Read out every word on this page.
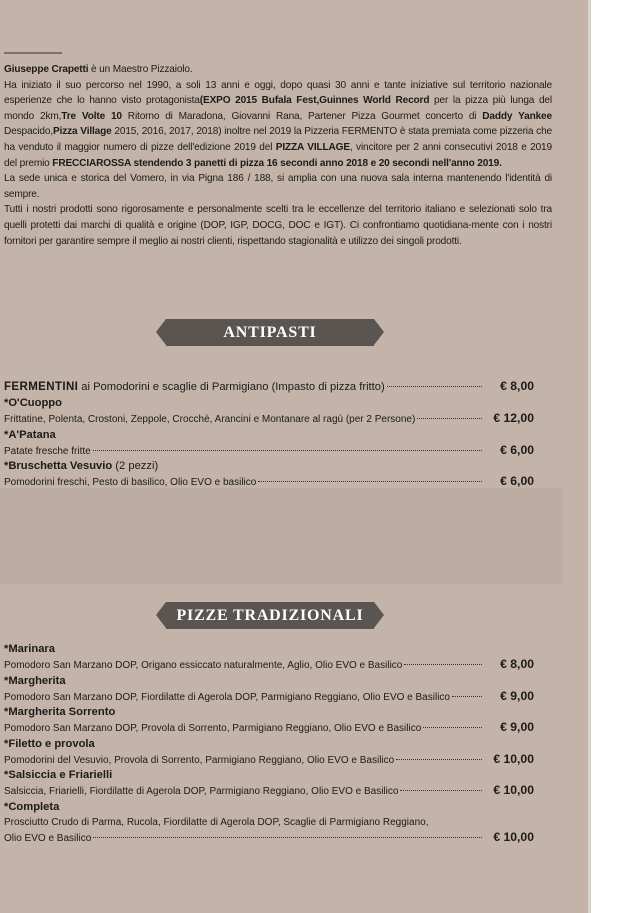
Giuseppe Crapetti è un Maestro Pizzaiolo.

Ha iniziato il suo percorso nel 1990, a soli 13 anni e oggi, dopo quasi 30 anni e tante iniziative sul territorio nazionale esperienze che lo hanno visto protagonista(EXPO 2015 Bufala Fest,Guinnes World Record per la pizza più lunga del mondo 2km,Tre Volte 10 Ritorno di Maradona, Giovanni Rana, Partener Pizza Gourmet concerto di Daddy Yankee Despacido,Pizza Village 2015, 2016, 2017, 2018) inoltre nel 2019 la Pizzeria FERMENTO è stata premiata come pizzeria che ha venduto il maggior numero di pizze dell'edizione 2019 del PIZZA VILLAGE, vincitore per 2 anni consecutivi 2018 e 2019 del premio FRECCIAROSSA stendendo 3 panetti di pizza 16 secondi anno 2018 e 20 secondi nell'anno 2019.

La sede unica e storica del Vomero, in via Pigna 186 / 188, si amplia con una nuova sala interna mantenendo l'identità di sempre.

Tutti i nostri prodotti sono rigorosamente e personalmente scelti tra le eccellenze del territorio italiano e selezionati solo tra quelli protetti dai marchi di qualità e origine (DOP, IGP, DOCG, DOC e IGT). Ci confrontiamo quotidiana-mente con i nostri fornitori per garantire sempre il meglio ai nostri clienti, rispettando stagionalità e utilizzo dei singoli prodotti.

ANTIPASTI
FERMENTINI ai Pomodorini e scaglie di Parmigiano (Impasto di pizza fritto)	€ 8,00
*O'Cuoppo
Frittatine, Polenta, Crostoni, Zeppole, Crocchè, Arancini e Montanare al ragù (per 2 Persone)	€ 12,00
*A'Patana
Patate fresche fritte	€ 6,00
*Bruschetta Vesuvio (2 pezzi)
Pomodorini freschi, Pesto di basilico, Olio EVO e basilico	€ 6,00
PIZZE TRADIZIONALI
*Marinara
Pomodoro San Marzano DOP, Origano essiccato naturalmente, Aglio, Olio EVO e Basilico	€ 8,00
*Margherita
Pomodoro San Marzano DOP, Fiordilatte di Agerola DOP, Parmigiano Reggiano, Olio EVO e Basilico	€ 9,00
*Margherita Sorrento
Pomodoro San Marzano DOP, Provola di Sorrento, Parmigiano Reggiano, Olio EVO e Basilico	€ 9,00
*Filetto e provola
Pomodorini del Vesuvio, Provola di Sorrento, Parmigiano Reggiano, Olio EVO e Basilico	€ 10,00
*Salsiccia e Friarielli
Salsiccia, Friarielli, Fiordilatte di Agerola DOP, Parmigiano Reggiano, Olio EVO e Basilico	€ 10,00
*Completa
Prosciutto Crudo di Parma, Rucola, Fiordilatte di Agerola DOP, Scaglie di Parmigiano Reggiano,
Olio EVO e Basilico	€ 10,00
